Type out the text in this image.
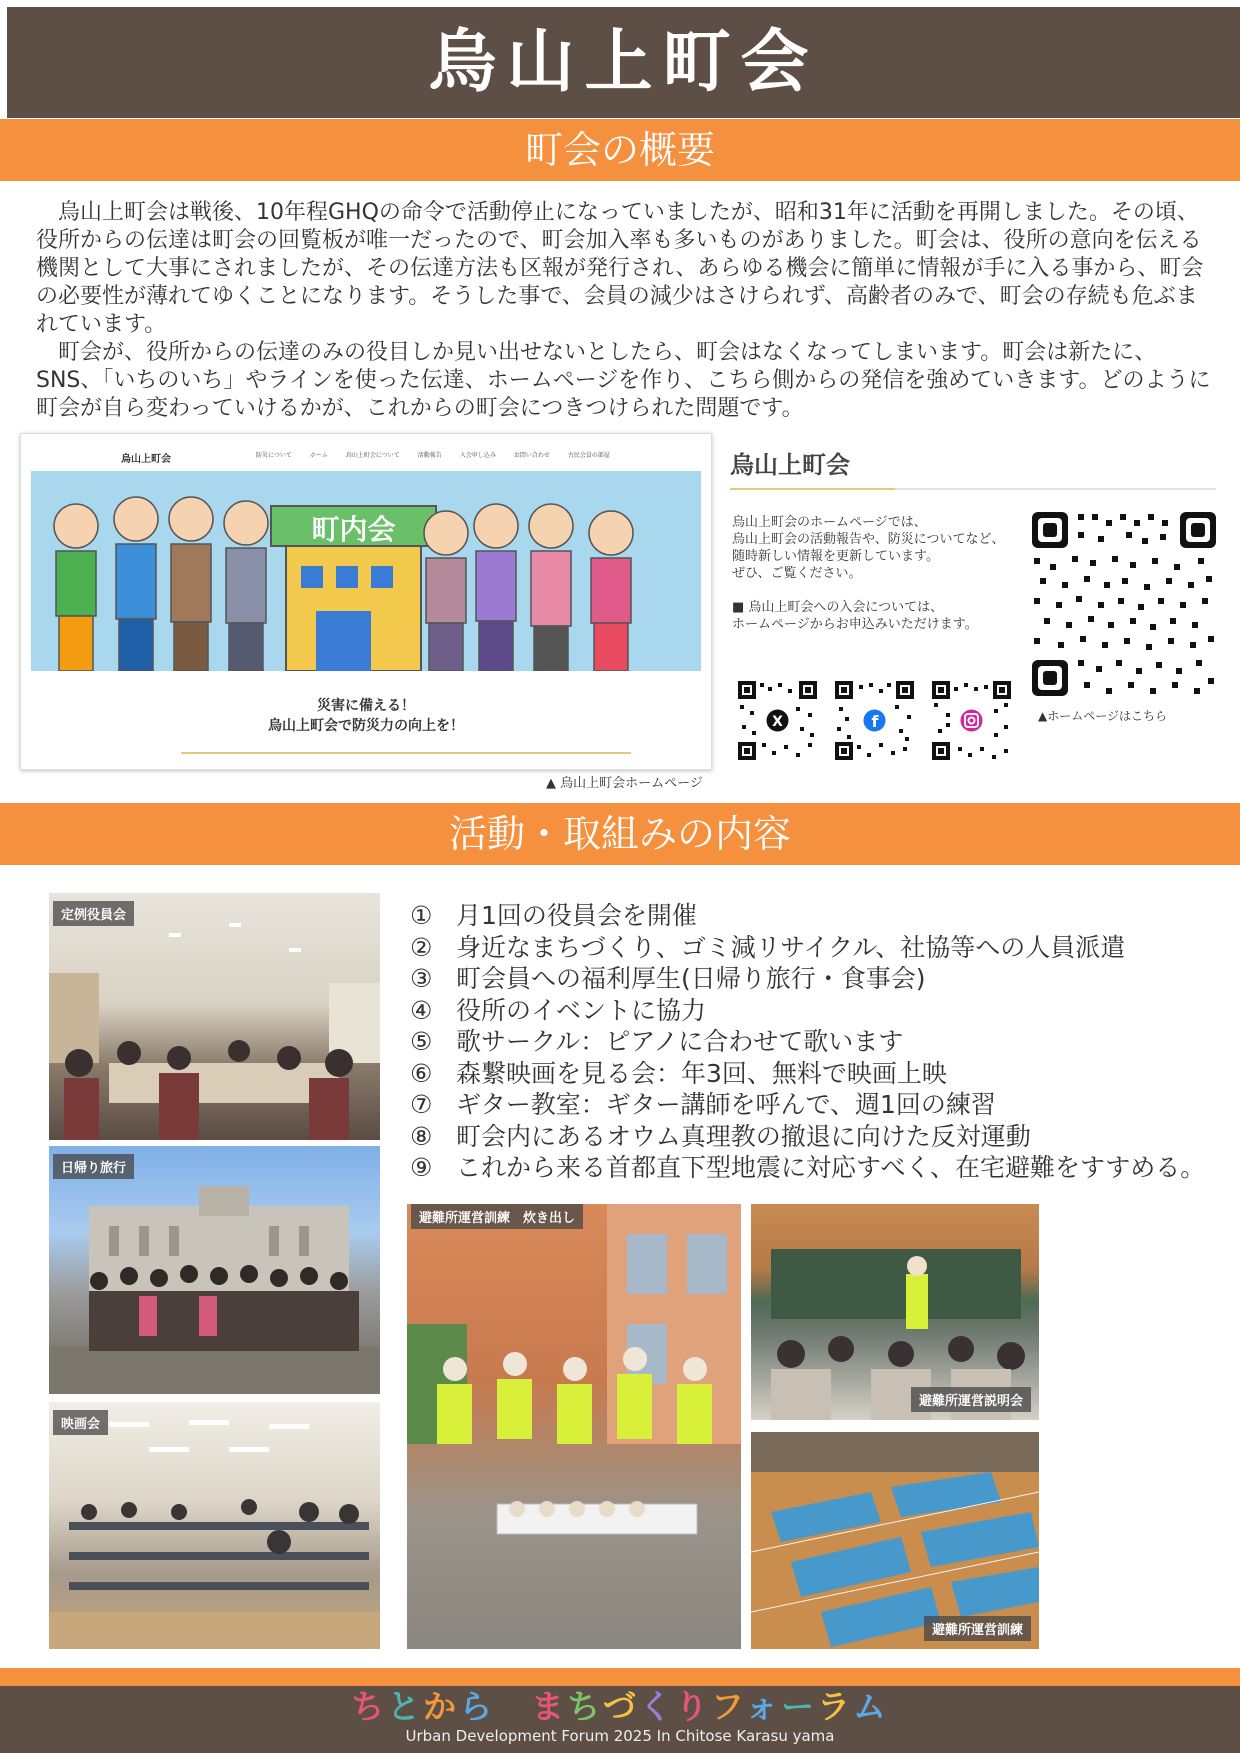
烏山上町会
町会の概要

烏山上町会は戦後、10年程GHQの命令で活動停止になっていましたが、昭和31年に活動を再開しました。その頃、役所からの伝達は町会の回覧板が唯一だったので、町会加入率も多いものがありました。町会は、役所の意向を伝える機関として大事にされましたが、その伝達方法も区報が発行され、あらゆる機会に簡単に情報が手に入る事から、町会の必要性が薄れてゆくことになります。そうした事で、会員の減少はさけられず、高齢者のみで、町会の存続も危ぶまれています。

町会が、役所からの伝達のみの役目しか見い出せないとしたら、町会はなくなってしまいます。町会は新たに、SNS、「いちのいち」やラインを使った伝達、ホームページを作り、こちら側からの発信を強めていきます。どのように町会が自ら変わっていけるかが、これからの町会につきつけられた問題です。

烏山上町会	防災について	ホーム	烏山上町会について	活動報告	入会申し込み	お問い合わせ	古民会員の部屋
町内会
災害に備える！
烏山上町会で防災力の向上を！
▲ 烏山上町会ホームページ
烏山上町会
烏山上町会のホームページでは、
烏山上町会の活動報告や、防災についてなど、
随時新しい情報を更新しています。
ぜひ、ご覧ください。
■ 烏山上町会への入会については、
ホームページからお申込みいただけます。
▲ホームページはこちら
X	f
活動・取組みの内容
定例役員会
日帰り旅行
映画会
① 月1回の役員会を開催
② 身近なまちづくり、ゴミ減リサイクル、社協等への人員派遣
③ 町会員への福利厚生(日帰り旅行・食事会)
④ 役所のイベントに協力
⑤ 歌サークル：ピアノに合わせて歌います
⑥ 森繋映画を見る会：年3回、無料で映画上映
⑦ ギター教室：ギター講師を呼んで、週1回の練習
⑧ 町会内にあるオウム真理教の撤退に向けた反対運動
⑨ これから来る首都直下型地震に対応すべく、在宅避難をすすめる。
避難所運営訓練　炊き出し
避難所運営説明会
避難所運営訓練
ちとから　 まちづくりフォーラム
Urban Development Forum 2025 In Chitose Karasu yama
